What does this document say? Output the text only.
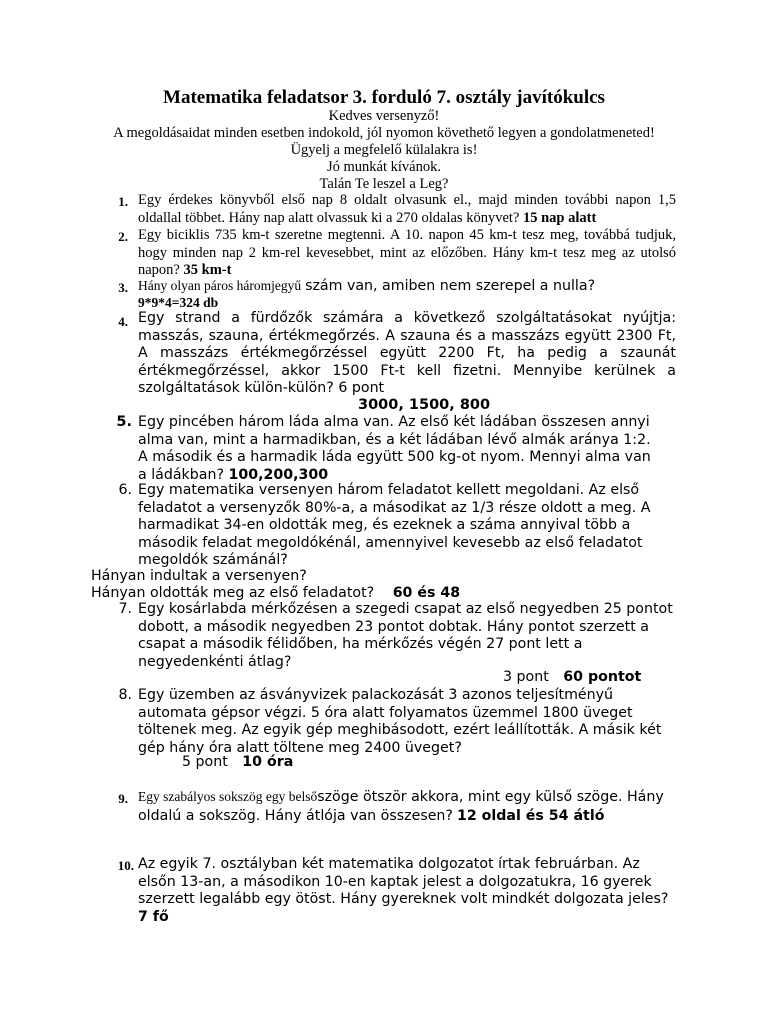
Matematika feladatsor 3. forduló 7. osztály javítókulcs
Kedves versenyző!
A megoldásaidat minden esetben indokold, jól nyomon követhető legyen a gondolatmeneted!
Ügyelj a megfelelő külalakra is!
Jó munkát kívánok.
Talán Te leszel a Leg?
1. Egy érdekes könyvből első nap 8 oldalt olvasunk el., majd minden további napon 1,5 oldallal többet. Hány nap alatt olvassuk ki a 270 oldalas könyvet? 15 nap alatt
2. Egy biciklis 735 km-t szeretne megtenni. A 10. napon 45 km-t tesz meg, továbbá tudjuk, hogy minden nap 2 km-rel kevesebbet, mint az előzőben. Hány km-t tesz meg az utolsó napon? 35 km-t
3. Hány olyan páros háromjegyű szám van, amiben nem szerepel a nulla?
9*9*4=324 db
4. Egy strand a fürdőzők számára a következő szolgáltatásokat nyújtja: masszás, szauna, értékmegőrzés. A szauna és a masszázs együtt 2300 Ft, A masszázs értékmegőrzéssel együtt 2200 Ft, ha pedig a szaunát értékmegőrzéssel, akkor 1500 Ft-t kell fizetni. Mennyibe kerülnek a szolgáltatások külön-külön? 6 pont
3000, 1500, 800
5. Egy pincében három láda alma van. Az első két ládában összesen annyi alma van, mint a harmadikban, és a két ládában lévő almák aránya 1:2. A második és a harmadik láda együtt 500 kg-ot nyom. Mennyi alma van a ládákban? 100,200,300
6. Egy matematika versenyen három feladatot kellett megoldani. Az első feladatot a versenyzők 80%-a, a másodikat az 1/3 része oldott a meg. A harmadikat 34-en oldották meg, és ezeknek a száma annyival több a második feladat megoldókénál, amennyivel kevesebb az első feladatot megoldók számánál?
Hányan indultak a versenyen?
Hányan oldották meg az első feladatot? 60 és 48
7. Egy kosárlabda mérkőzésen a szegedi csapat az első negyedben 25 pontot dobott, a második negyedben 23 pontot dobtak. Hány pontot szerzett a csapat a második félidőben, ha mérkőzés végén 27 pont lett a negyedenkénti átlag?
3 pont 60 pontot
8. Egy üzemben az ásványvizek palackozását 3 azonos teljesítményű automata gépsor végzi. 5 óra alatt folyamatos üzemmel 1800 üveget töltenek meg. Az egyik gép meghibásodott, ezért leállították. A másik két gép hány óra alatt töltene meg 2400 üveget?
5 pont 10 óra
9. Egy szabályos sokszög egy belsőszöge ötször akkora, mint egy külső szöge. Hány oldalú a sokszög. Hány átlója van összesen? 12 oldal és 54 átló
10. Az egyik 7. osztályban két matematika dolgozatot írtak februárban. Az elsőn 13-an, a másodikon 10-en kaptak jelest a dolgozatukra, 16 gyerek szerzett legalább egy ötöst. Hány gyereknek volt mindkét dolgozata jeles? 7 fő
